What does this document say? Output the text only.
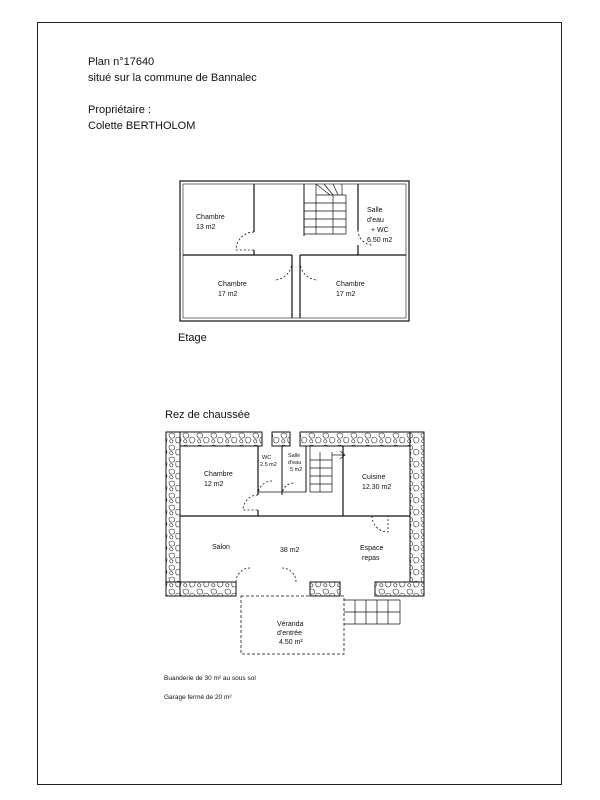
Plan n°17640
situé sur la commune de Bannalec
Propriétaire :
Colette BERTHOLOM
Chambre
13 m2
Salle
d'eau
+ WC
6.50 m2
Chambre
17 m2
Chambre
17 m2
Etage
Rez de chaussée
Chambre
12 m2
WC
2.5 m2
Salle
d'eau
5 m2
Cuisine
12.30 m2
Salon	38 m2	Espace
repas
Véranda
d'entrée
4.50 m²
Buanderie de 30 m² au sous sol
Garage fermé de 20 m²
